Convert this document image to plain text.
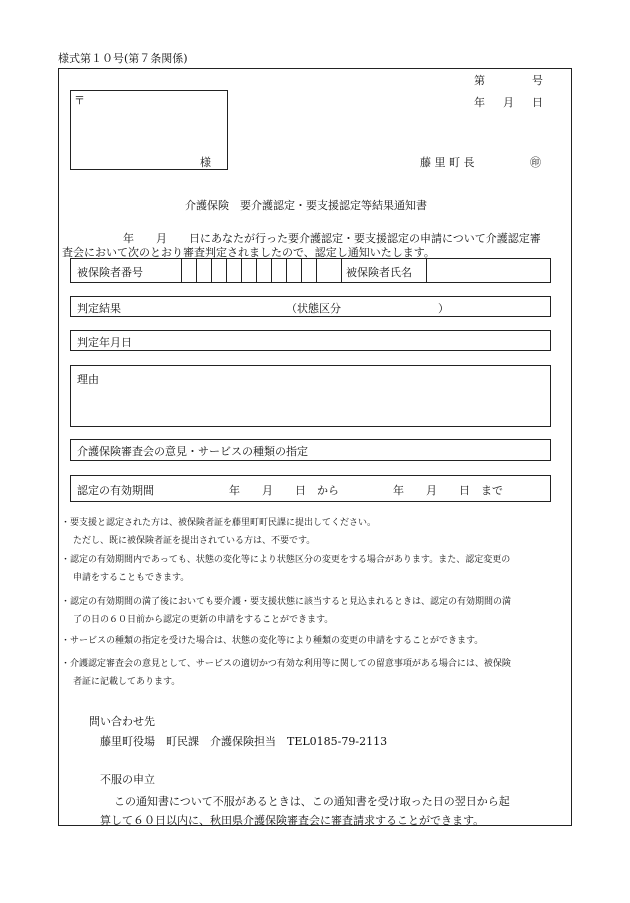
様式第１０号(第７条関係)
第	号
年 月 日
〒
様	藤 里 町 長	㊞
介護保険　要介護認定・要支援認定等結果通知書
年　　月　　日にあなたが行った要介護認定・要支援認定の申請について介護認定審
査会において次のとおり審査判定されましたので、認定し通知いたします。
被保険者番号	被保険者氏名
判定結果	（状態区分	）
判定年月日
理由
介護保険審査会の意見・サービスの種類の指定
認定の有効期間	年　　月　　日　から	年　　月　　日　まで
・要支援と認定された方は、被保険者証を藤里町町民課に提出してください。
ただし、既に被保険者証を提出されている方は、不要です。
・認定の有効期間内であっても、状態の変化等により状態区分の変更をする場合があります。また、認定変更の
申請をすることもできます。
・認定の有効期間の満了後においても要介護・要支援状態に該当すると見込まれるときは、認定の有効期間の満
了の日の６０日前から認定の更新の申請をすることができます。
・サービスの種類の指定を受けた場合は、状態の変化等により種類の変更の申請をすることができます。
・介護認定審査会の意見として、サービスの適切かつ有効な利用等に関しての留意事項がある場合には、被保険
者証に記載してあります。
問い合わせ先
藤里町役場　町民課　介護保険担当　TEL0185-79-2113
不服の申立
この通知書について不服があるときは、この通知書を受け取った日の翌日から起
算して６０日以内に、秋田県介護保険審査会に審査請求することができます。
